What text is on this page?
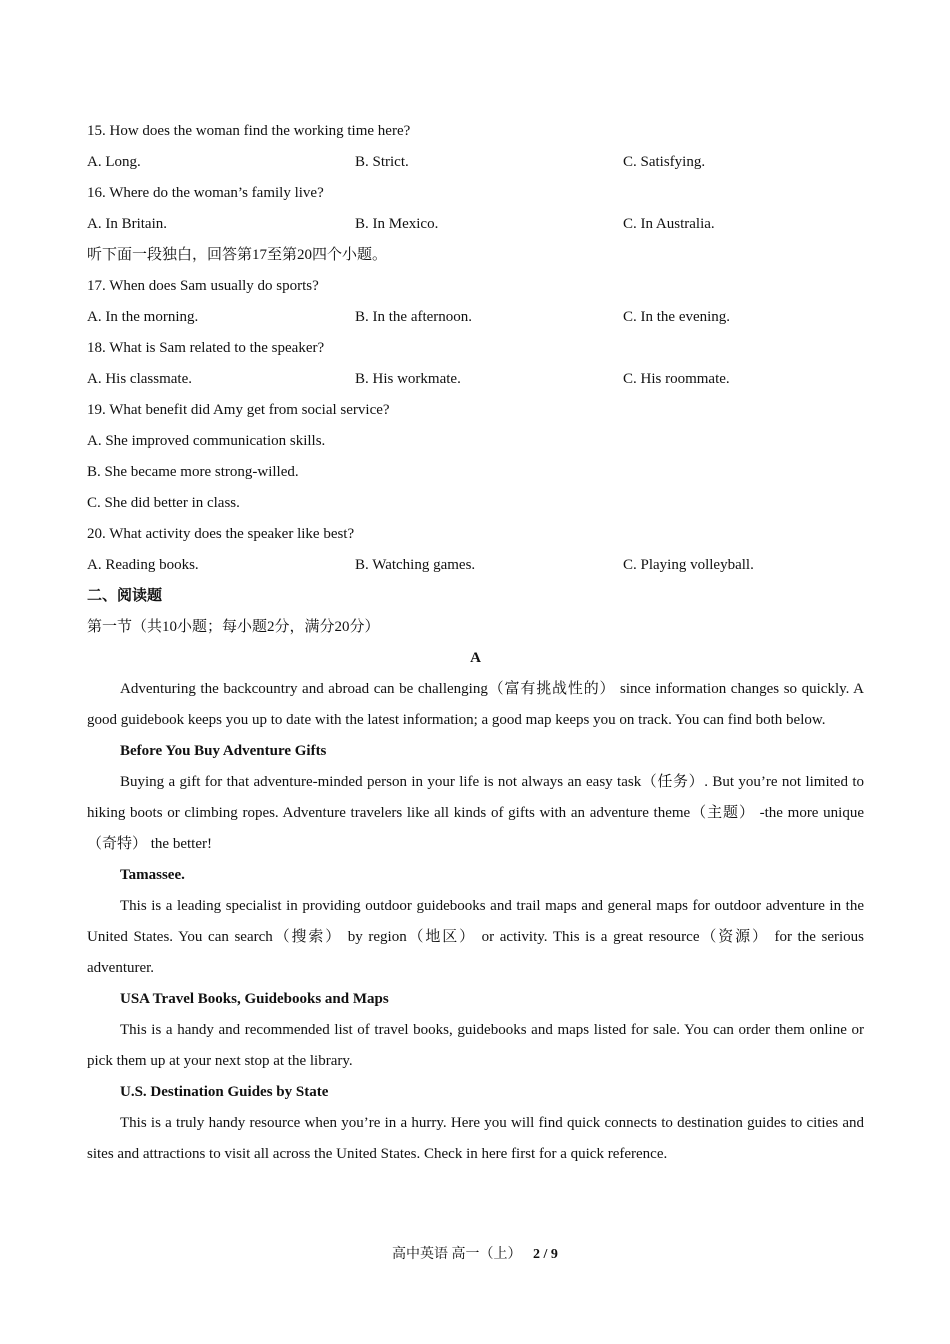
15. How does the woman find the working time here?
A. Long.	B. Strict.	C. Satisfying.
16. Where do the woman’s family live?
A. In Britain.	B. In Mexico.	C. In Australia.
听下面一段独白，回答第17至第20四个小题。
17. When does Sam usually do sports?
A. In the morning.	B. In the afternoon.	C. In the evening.
18. What is Sam related to the speaker?
A. His classmate.	B. His workmate.	C. His roommate.
19. What benefit did Amy get from social service?
A. She improved communication skills.
B. She became more strong-willed.
C. She did better in class.
20. What activity does the speaker like best?
A. Reading books.	B. Watching games.	C. Playing volleyball.
二、阅读题
第一节（共10小题；每小题2分，满分20分）
A

Adventuring the backcountry and abroad can be challenging（富有挑战性的） since information changes so quickly. A good guidebook keeps you up to date with the latest information; a good map keeps you on track. You can find both below.

Before You Buy Adventure Gifts

Buying a gift for that adventure-minded person in your life is not always an easy task（任务）. But you’re not limited to hiking boots or climbing ropes. Adventure travelers like all kinds of gifts with an adventure theme（主题） -the more unique（奇特） the better!

Tamassee.

This is a leading specialist in providing outdoor guidebooks and trail maps and general maps for outdoor adventure in the United States. You can search（搜索） by region（地区） or activity. This is a great resource（资源） for the serious adventurer.

USA Travel Books, Guidebooks and Maps

This is a handy and recommended list of travel books, guidebooks and maps listed for sale. You can order them online or pick them up at your next stop at the library.

U.S. Destination Guides by State

This is a truly handy resource when you’re in a hurry. Here you will find quick connects to destination guides to cities and sites and attractions to visit all across the United States. Check in here first for a quick reference.

高中英语 高一（上） 2 / 9
